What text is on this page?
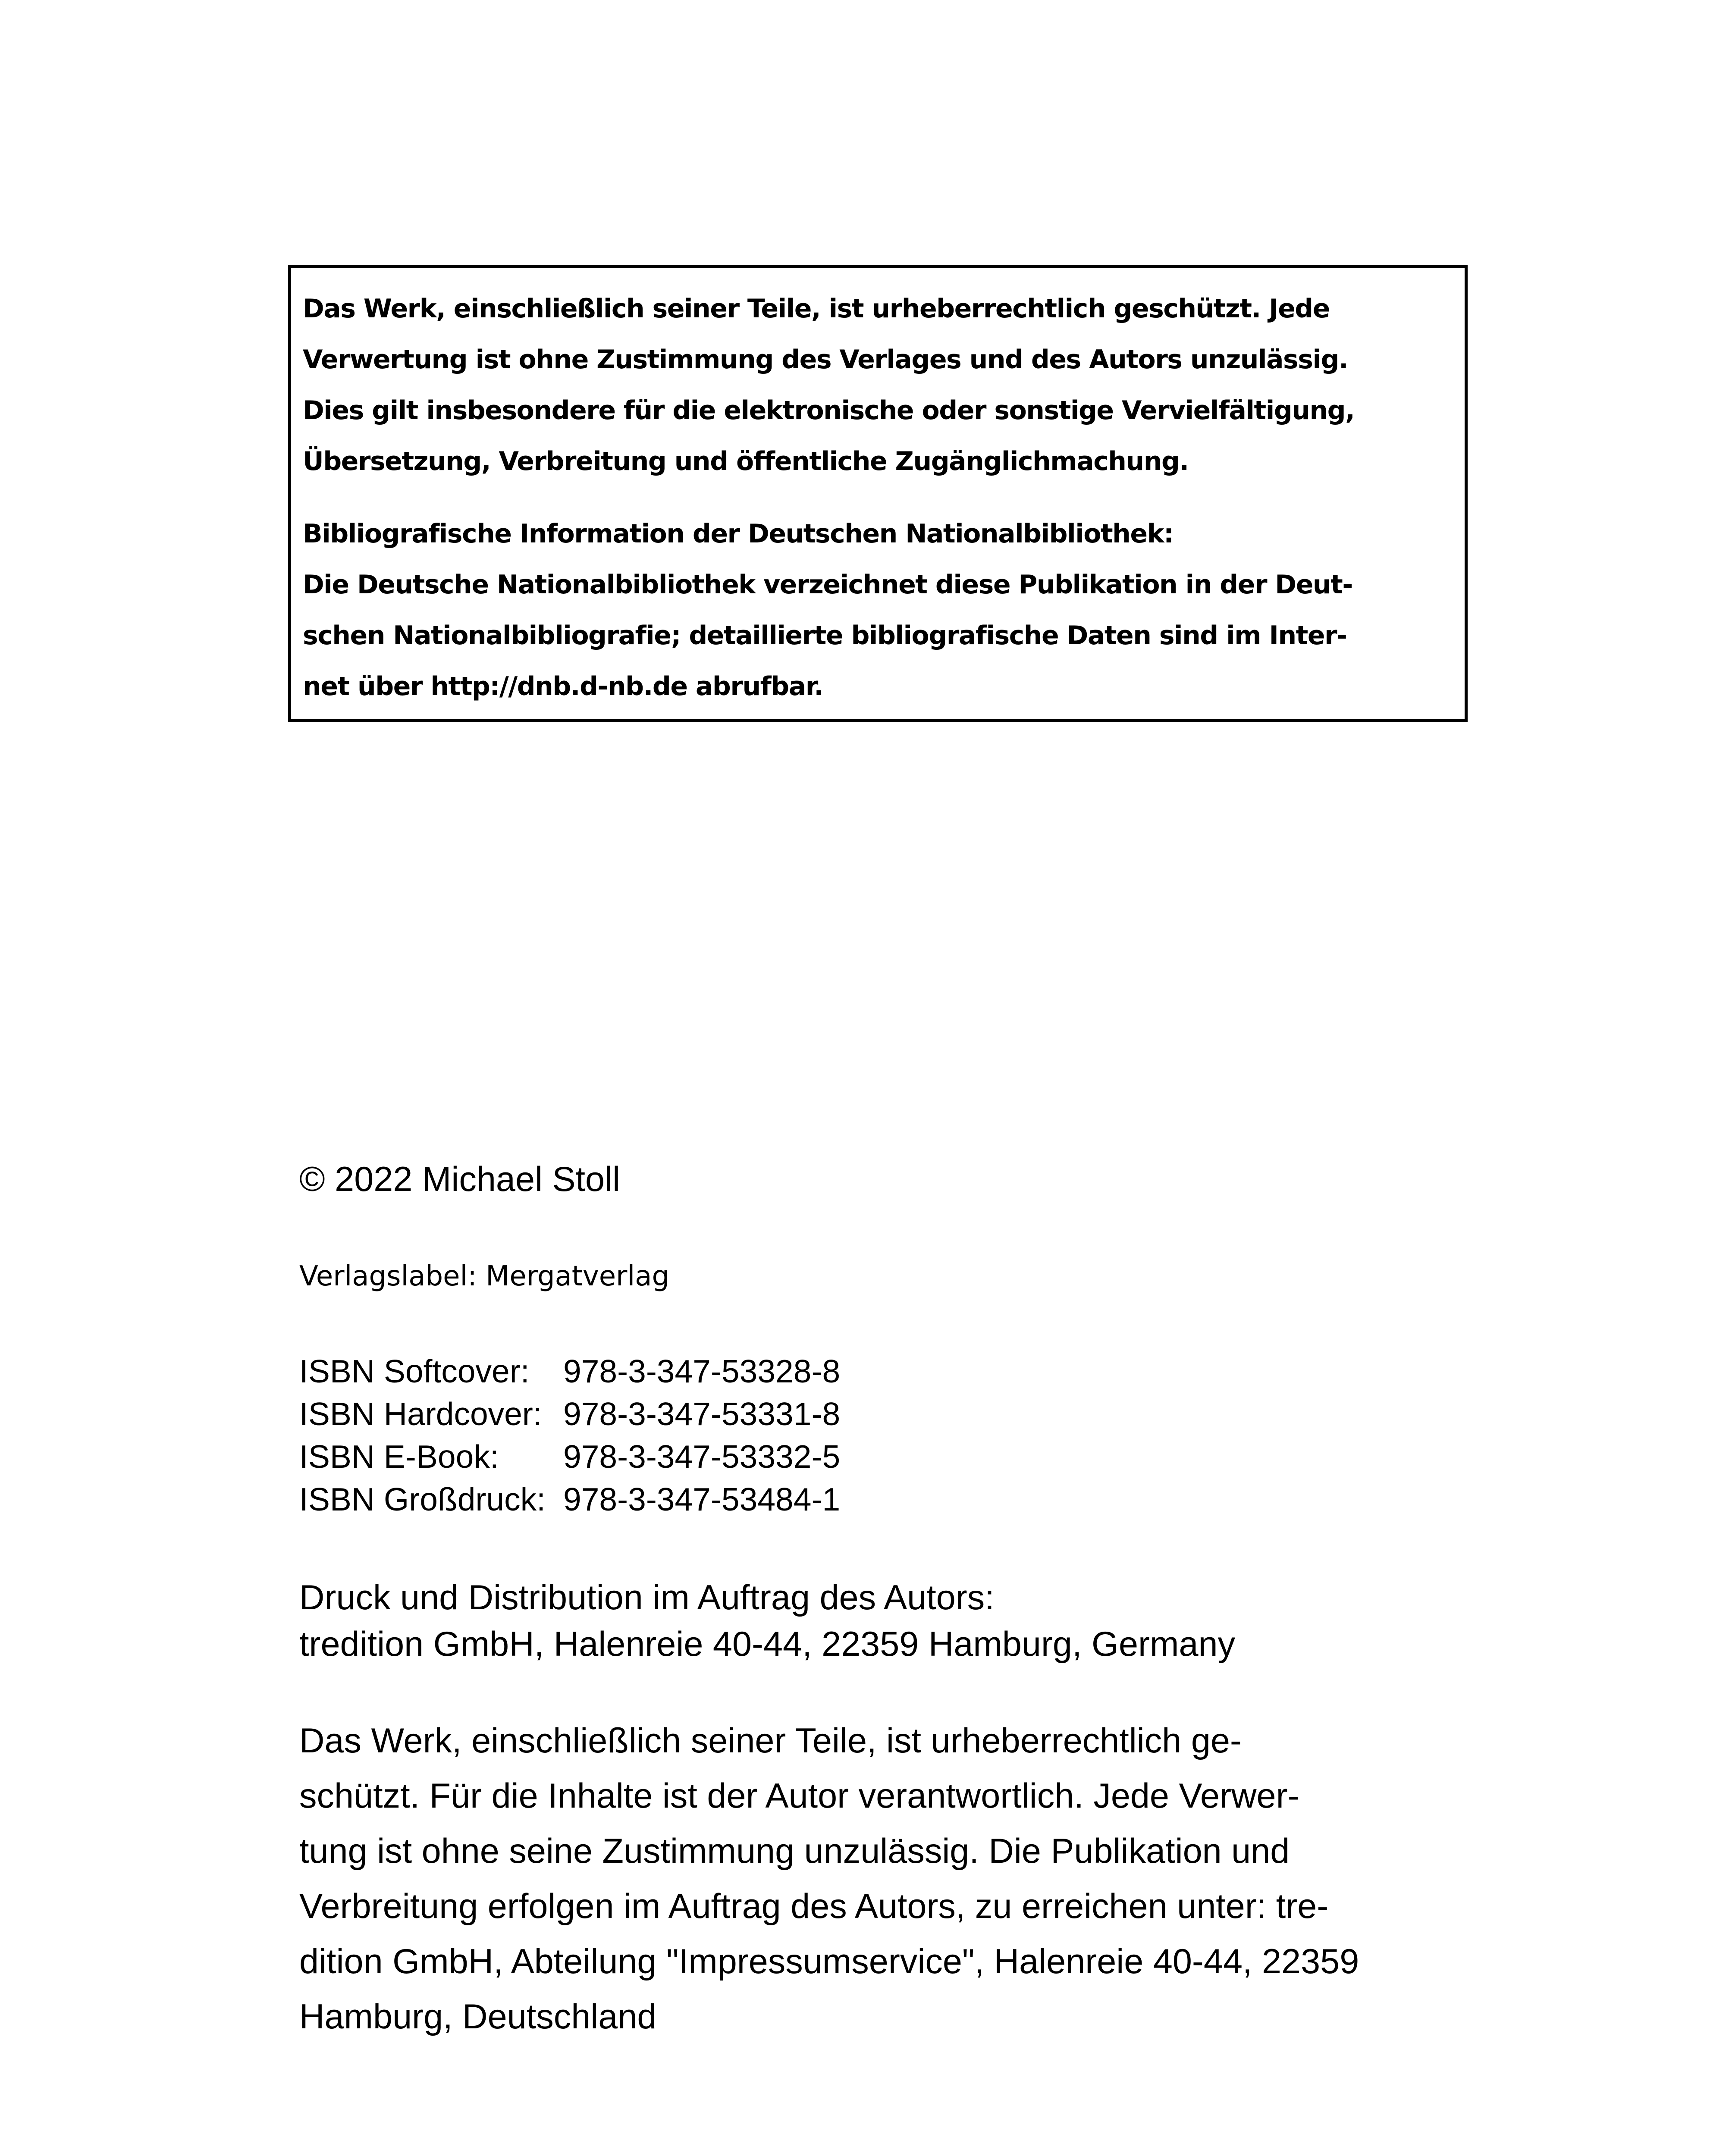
Das Werk, einschließlich seiner Teile, ist urheberrechtlich geschützt. Jede
Verwertung ist ohne Zustimmung des Verlages und des Autors unzulässig.
Dies gilt insbesondere für die elektronische oder sonstige Vervielfältigung,
Übersetzung, Verbreitung und öffentliche Zugänglichmachung.
Bibliografische Information der Deutschen Nationalbibliothek:
Die Deutsche Nationalbibliothek verzeichnet diese Publikation in der Deut-
schen Nationalbibliografie; detaillierte bibliografische Daten sind im Inter-
net über http://dnb.d-nb.de abrufbar.
© 2022 Michael Stoll
Verlagslabel: Mergatverlag
ISBN Softcover: 978-3-347-53328-8
ISBN Hardcover: 978-3-347-53331-8
ISBN E-Book: 978-3-347-53332-5
ISBN Großdruck: 978-3-347-53484-1
Druck und Distribution im Auftrag des Autors:
tredition GmbH, Halenreie 40-44, 22359 Hamburg, Germany
Das Werk, einschließlich seiner Teile, ist urheberrechtlich ge-
schützt. Für die Inhalte ist der Autor verantwortlich. Jede Verwer-
tung ist ohne seine Zustimmung unzulässig. Die Publikation und
Verbreitung erfolgen im Auftrag des Autors, zu erreichen unter: tre-
dition GmbH, Abteilung "Impressumservice", Halenreie 40-44, 22359
Hamburg, Deutschland
